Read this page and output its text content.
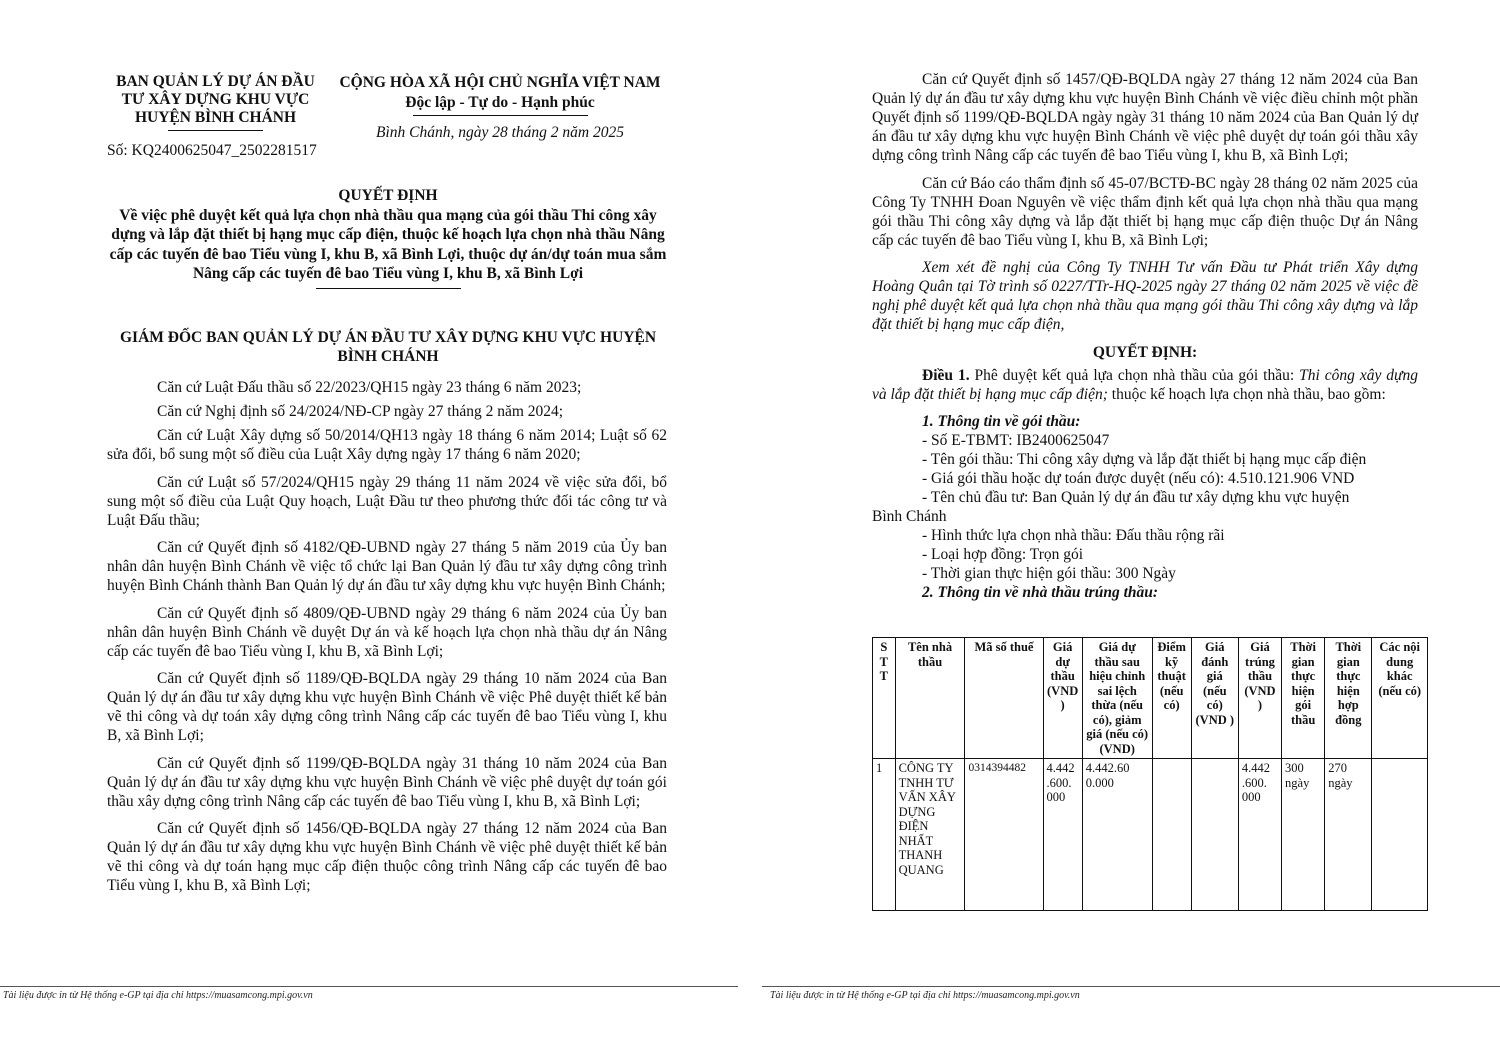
BAN QUẢN LÝ DỰ ÁN ĐẦU
TƯ XÂY DỰNG KHU VỰC
HUYỆN BÌNH CHÁNH
Số: KQ2400625047_2502281517
CỘNG HÒA XÃ HỘI CHỦ NGHĨA VIỆT NAM
Độc lập - Tự do - Hạnh phúc
Bình Chánh, ngày 28 tháng 2 năm 2025
QUYẾT ĐỊNH
Về việc phê duyệt kết quả lựa chọn nhà thầu qua mạng của gói thầu Thi công xây dựng và lắp đặt thiết bị hạng mục cấp điện, thuộc kế hoạch lựa chọn nhà thầu Nâng cấp các tuyến đê bao Tiểu vùng I, khu B, xã Bình Lợi, thuộc dự án/dự toán mua sắm Nâng cấp các tuyến đê bao Tiểu vùng I, khu B, xã Bình Lợi
GIÁM ĐỐC BAN QUẢN LÝ DỰ ÁN ĐẦU TƯ XÂY DỰNG KHU VỰC HUYỆN BÌNH CHÁNH

Căn cứ Luật Đấu thầu số 22/2023/QH15 ngày 23 tháng 6 năm 2023;

Căn cứ Nghị định số 24/2024/NĐ-CP ngày 27 tháng 2 năm 2024;

Căn cứ Luật Xây dựng số 50/2014/QH13 ngày 18 tháng 6 năm 2014; Luật số 62 sửa đổi, bổ sung một số điều của Luật Xây dựng ngày 17 tháng 6 năm 2020;

Căn cứ Luật số 57/2024/QH15 ngày 29 tháng 11 năm 2024 về việc sửa đổi, bổ sung một số điều của Luật Quy hoạch, Luật Đầu tư theo phương thức đối tác công tư và Luật Đấu thầu;

Căn cứ Quyết định số 4182/QĐ-UBND ngày 27 tháng 5 năm 2019 của Ủy ban nhân dân huyện Bình Chánh về việc tổ chức lại Ban Quản lý đầu tư xây dựng công trình huyện Bình Chánh thành Ban Quản lý dự án đầu tư xây dựng khu vực huyện Bình Chánh;

Căn cứ Quyết định số 4809/QĐ-UBND ngày 29 tháng 6 năm 2024 của Ủy ban nhân dân huyện Bình Chánh về duyệt Dự án và kế hoạch lựa chọn nhà thầu dự án Nâng cấp các tuyến đê bao Tiểu vùng I, khu B, xã Bình Lợi;

Căn cứ Quyết định số 1189/QĐ-BQLDA ngày 29 tháng 10 năm 2024 của Ban Quản lý dự án đầu tư xây dựng khu vực huyện Bình Chánh về việc Phê duyệt thiết kế bản vẽ thi công và dự toán xây dựng công trình Nâng cấp các tuyến đê bao Tiểu vùng I, khu B, xã Bình Lợi;

Căn cứ Quyết định số 1199/QĐ-BQLDA ngày 31 tháng 10 năm 2024 của Ban Quản lý dự án đầu tư xây dựng khu vực huyện Bình Chánh về việc phê duyệt dự toán gói thầu xây dựng công trình Nâng cấp các tuyến đê bao Tiểu vùng I, khu B, xã Bình Lợi;

Căn cứ Quyết định số 1456/QĐ-BQLDA ngày 27 tháng 12 năm 2024 của Ban Quản lý dự án đầu tư xây dựng khu vực huyện Bình Chánh về việc phê duyệt thiết kế bản vẽ thi công và dự toán hạng mục cấp điện thuộc công trình Nâng cấp các tuyến đê bao Tiểu vùng I, khu B, xã Bình Lợi;

Tài liệu được in từ Hệ thống e-GP tại địa chỉ https://muasamcong.mpi.gov.vn

Căn cứ Quyết định số 1457/QĐ-BQLDA ngày 27 tháng 12 năm 2024 của Ban Quản lý dự án đầu tư xây dựng khu vực huyện Bình Chánh về việc điều chỉnh một phần Quyết định số 1199/QĐ-BQLDA ngày ngày 31 tháng 10 năm 2024 của Ban Quản lý dự án đầu tư xây dựng khu vực huyện Bình Chánh về việc phê duyệt dự toán gói thầu xây dựng công trình Nâng cấp các tuyến đê bao Tiểu vùng I, khu B, xã Bình Lợi;

Căn cứ Báo cáo thẩm định số 45-07/BCTĐ-BC ngày 28 tháng 02 năm 2025 của Công Ty TNHH Đoan Nguyên về việc thẩm định kết quả lựa chọn nhà thầu qua mạng gói thầu Thi công xây dựng và lắp đặt thiết bị hạng mục cấp điện thuộc Dự án Nâng cấp các tuyến đê bao Tiểu vùng I, khu B, xã Bình Lợi;

Xem xét đề nghị của Công Ty TNHH Tư vấn Đầu tư Phát triển Xây dựng Hoàng Quân tại Tờ trình số 0227/TTr-HQ-2025 ngày 27 tháng 02 năm 2025 về việc đề nghị phê duyệt kết quả lựa chọn nhà thầu qua mạng gói thầu Thi công xây dựng và lắp đặt thiết bị hạng mục cấp điện,

QUYẾT ĐỊNH:

Điều 1. Phê duyệt kết quả lựa chọn nhà thầu của gói thầu: Thi công xây dựng và lắp đặt thiết bị hạng mục cấp điện; thuộc kế hoạch lựa chọn nhà thầu, bao gồm:

1. Thông tin về gói thầu:
- Số E-TBMT: IB2400625047
- Tên gói thầu: Thi công xây dựng và lắp đặt thiết bị hạng mục cấp điện
- Giá gói thầu hoặc dự toán được duyệt (nếu có): 4.510.121.906 VND
- Tên chủ đầu tư: Ban Quản lý dự án đầu tư xây dựng khu vực huyện
Bình Chánh
- Hình thức lựa chọn nhà thầu: Đấu thầu rộng rãi
- Loại hợp đồng: Trọn gói
- Thời gian thực hiện gói thầu: 300 Ngày
2. Thông tin về nhà thầu trúng thầu:
S T T	Tên nhà thầu	Mã số thuế	Giá dự thầu (VND )	Giá dự thầu sau hiệu chỉnh sai lệch thừa (nếu có), giảm giá (nếu có) (VND)	Điểm kỹ thuật (nếu có)	Giá đánh giá (nếu có) (VND )	Giá trúng thầu (VND )	Thời gian thực hiện gói thầu	Thời gian thực hiện hợp đồng	Các nội dung khác (nếu có)
1	CÔNG TY TNHH TƯ VẤN XÂY DỰNG ĐIỆN NHẤT THANH QUANG	0314394482	4.442 .600. 000	4.442.60 0.000			4.442 .600. 000	300 ngày	270 ngày	
Tài liệu được in từ Hệ thống e-GP tại địa chỉ https://muasamcong.mpi.gov.vn
